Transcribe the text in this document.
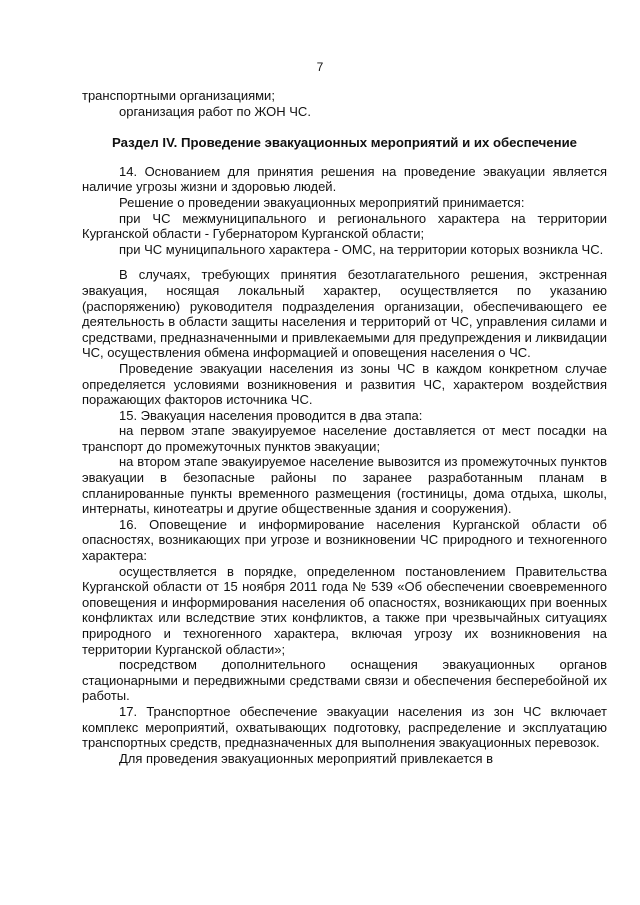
7

транспортными организациями;

организация работ по ЖОН ЧС.

Раздел IV. Проведение эвакуационных мероприятий и их обеспечение

14. Основанием для принятия решения на проведение эвакуации является наличие угрозы жизни и здоровью людей.

Решение о проведении эвакуационных мероприятий принимается:

при ЧС межмуниципального и регионального характера на территории Курганской области - Губернатором Курганской области;

при ЧС муниципального характера - ОМС, на территории которых возникла ЧС.

В случаях, требующих принятия безотлагательного решения, экстренная эвакуация, носящая локальный характер, осуществляется по указанию (распоряжению) руководителя подразделения организации, обеспечивающего ее деятельность в области защиты населения и территорий от ЧС, управления силами и средствами, предназначенными и привлекаемыми для предупреждения и ликвидации ЧС, осуществления обмена информацией и оповещения населения о ЧС.

Проведение эвакуации населения из зоны ЧС в каждом конкретном случае определяется условиями возникновения и развития ЧС, характером воздействия поражающих факторов источника ЧС.

15. Эвакуация населения проводится в два этапа:

на первом этапе эвакуируемое население доставляется от мест посадки на транспорт до промежуточных пунктов эвакуации;

на втором этапе эвакуируемое население вывозится из промежуточных пунктов эвакуации в безопасные районы по заранее разработанным планам в спланированные пункты временного размещения (гостиницы, дома отдыха, школы, интернаты, кинотеатры и другие общественные здания и сооружения).

16. Оповещение и информирование населения Курганской области об опасностях, возникающих при угрозе и возникновении ЧС природного и техногенного характера:

осуществляется в порядке, определенном постановлением Правительства Курганской области от 15 ноября 2011 года № 539 «Об обеспечении своевременного оповещения и информирования населения об опасностях, возникающих при военных конфликтах или вследствие этих конфликтов, а также при чрезвычайных ситуациях природного и техногенного характера, включая угрозу их возникновения на территории Курганской области»;

посредством дополнительного оснащения эвакуационных органов стационарными и передвижными средствами связи и обеспечения бесперебойной их работы.

17. Транспортное обеспечение эвакуации населения из зон ЧС включает комплекс мероприятий, охватывающих подготовку, распределение и эксплуатацию транспортных средств, предназначенных для выполнения эвакуационных перевозок.

Для проведения эвакуационных мероприятий привлекается в
